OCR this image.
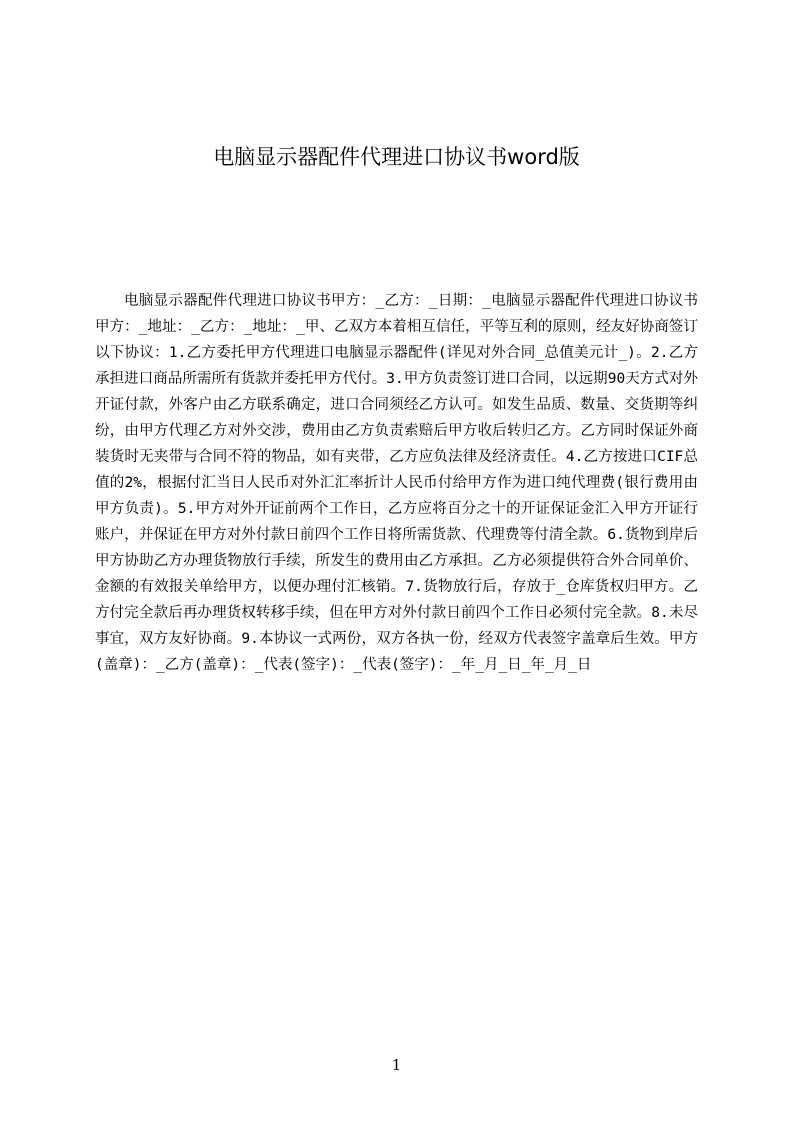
电脑显示器配件代理进口协议书word版

电脑显示器配件代理进口协议书甲方：_乙方：_日期：_电脑显示器配件代理进口协议书甲方：_地址：_乙方：_地址：_甲、乙双方本着相互信任，平等互利的原则，经友好协商签订以下协议：1.乙方委托甲方代理进口电脑显示器配件(详见对外合同_总值美元计_)。2.乙方承担进口商品所需所有货款并委托甲方代付。3.甲方负责签订进口合同，以远期90天方式对外开证付款，外客户由乙方联系确定，进口合同须经乙方认可。如发生品质、数量、交货期等纠纷，由甲方代理乙方对外交涉，费用由乙方负责索赔后甲方收后转归乙方。乙方同时保证外商装货时无夹带与合同不符的物品，如有夹带，乙方应负法律及经济责任。4.乙方按进口CIF总值的2%，根据付汇当日人民币对外汇汇率折计人民币付给甲方作为进口纯代理费(银行费用由甲方负责)。5.甲方对外开证前两个工作日，乙方应将百分之十的开证保证金汇入甲方开证行账户，并保证在甲方对外付款日前四个工作日将所需货款、代理费等付清全款。6.货物到岸后甲方协助乙方办理货物放行手续，所发生的费用由乙方承担。乙方必须提供符合外合同单价、金额的有效报关单给甲方，以便办理付汇核销。7.货物放行后，存放于_仓库货权归甲方。乙方付完全款后再办理货权转移手续，但在甲方对外付款日前四个工作日必须付完全款。8.未尽事宜，双方友好协商。9.本协议一式两份，双方各执一份，经双方代表签字盖章后生效。甲方(盖章)：_乙方(盖章)：_代表(签字)：_代表(签字)：_年_月_日_年_月_日

1
